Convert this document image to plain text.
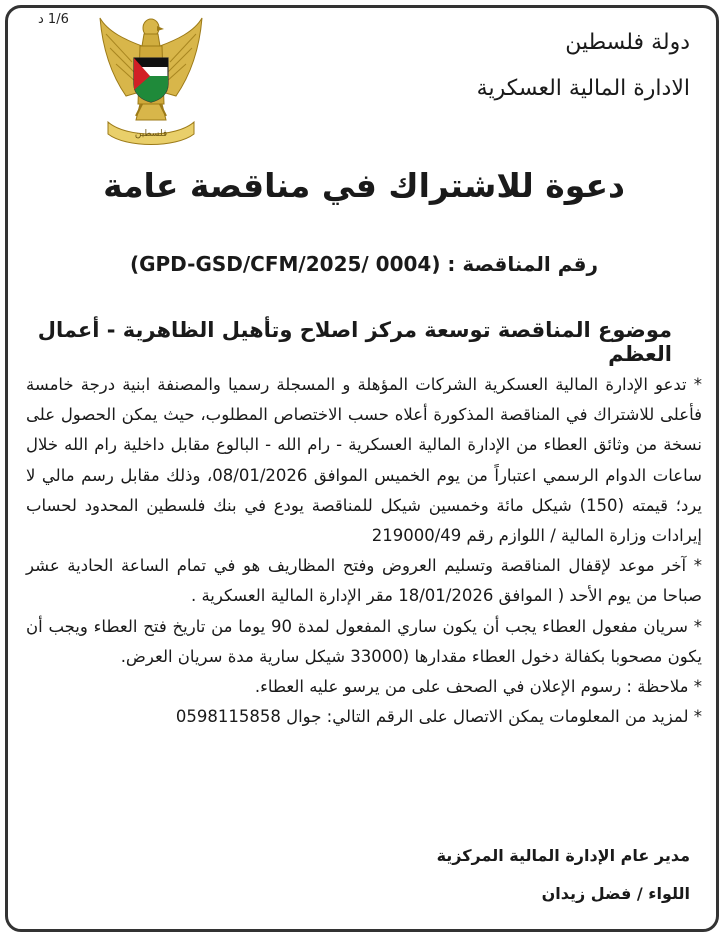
1/6 د
فلسطين
دولة فلسطين
الادارة المالية العسكرية
دعوة للاشتراك في مناقصة عامة
رقم المناقصة : (GPD-GSD/CFM/2025/ 0004)
موضوع المناقصة توسعة مركز اصلاح وتأهيل الظاهرية - أعمال العظم

* تدعو الإدارة المالية العسكرية الشركات المؤهلة و المسجلة رسميا والمصنفة ابنية درجة خامسة فأعلى للاشتراك في المناقصة المذكورة أعلاه حسب الاختصاص المطلوب، حيث يمكن الحصول على نسخة من وثائق العطاء من الإدارة المالية العسكرية - رام الله - البالوع مقابل داخلية رام الله خلال ساعات الدوام الرسمي اعتباراً من يوم الخميس الموافق 08/01/2026، وذلك مقابل رسم مالي لا يرد؛ قيمته (150) شيكل مائة وخمسين شيكل للمناقصة يودع في بنك فلسطين المحدود لحساب إيرادات وزارة المالية / اللوازم رقم 219000/49

* آخر موعد لإقفال المناقصة وتسليم العروض وفتح المظاريف هو في تمام الساعة الحادية عشر صباحا من يوم الأحد ( الموافق 18/01/2026 مقر الإدارة المالية العسكرية .

* سريان مفعول العطاء يجب أن يكون ساري المفعول لمدة 90 يوما من تاريخ فتح العطاء ويجب أن يكون مصحوبا بكفالة دخول العطاء مقدارها (33000 شيكل سارية مدة سريان العرض.

* ملاحظة : رسوم الإعلان في الصحف على من يرسو عليه العطاء.

* لمزيد من المعلومات يمكن الاتصال على الرقم التالي: جوال 0598115858

مدير عام الإدارة المالية المركزية
اللواء / فضل زيدان
